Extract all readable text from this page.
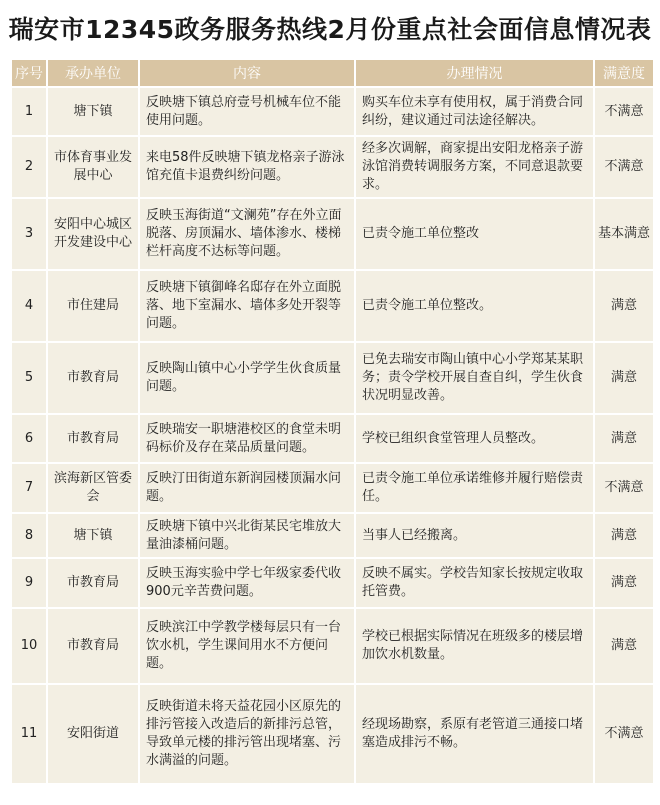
瑞安市12345政务服务热线2月份重点社会面信息情况表
序号	承办单位	内容	办理情况	满意度
1	塘下镇	反映塘下镇总府壹号机械车位不能使用问题。	购买车位未享有使用权，属于消费合同纠纷，建议通过司法途径解决。	不满意
2	市体育事业发展中心	来电58件反映塘下镇龙格亲子游泳馆充值卡退费纠纷问题。	经多次调解，商家提出安阳龙格亲子游泳馆消费转调服务方案，不同意退款要求。	不满意
3	安阳中心城区开发建设中心	反映玉海街道“文澜苑”存在外立面脱落、房顶漏水、墙体渗水、楼梯栏杆高度不达标等问题。	已责令施工单位整改	基本满意
4	市住建局	反映塘下镇御峰名邸存在外立面脱落、地下室漏水、墙体多处开裂等问题。	已责令施工单位整改。	满意
5	市教育局	反映陶山镇中心小学学生伙食质量问题。	已免去瑞安市陶山镇中心小学郑某某职务；责令学校开展自查自纠，学生伙食状况明显改善。	满意
6	市教育局	反映瑞安一职塘港校区的食堂未明码标价及存在菜品质量问题。	学校已组织食堂管理人员整改。	满意
7	滨海新区管委会	反映汀田街道东新润园楼顶漏水问题。	已责令施工单位承诺维修并履行赔偿责任。	不满意
8	塘下镇	反映塘下镇中兴北街某民宅堆放大量油漆桶问题。	当事人已经搬离。	满意
9	市教育局	反映玉海实验中学七年级家委代收900元辛苦费问题。	反映不属实。学校告知家长按规定收取托管费。	满意
10	市教育局	反映滨江中学教学楼每层只有一台饮水机，学生课间用水不方便问题。	学校已根据实际情况在班级多的楼层增加饮水机数量。	满意
11	安阳街道	反映街道未将天益花园小区原先的排污管接入改造后的新排污总管，导致单元楼的排污管出现堵塞、污水满溢的问题。	经现场勘察，系原有老管道三通接口堵塞造成排污不畅。	不满意
